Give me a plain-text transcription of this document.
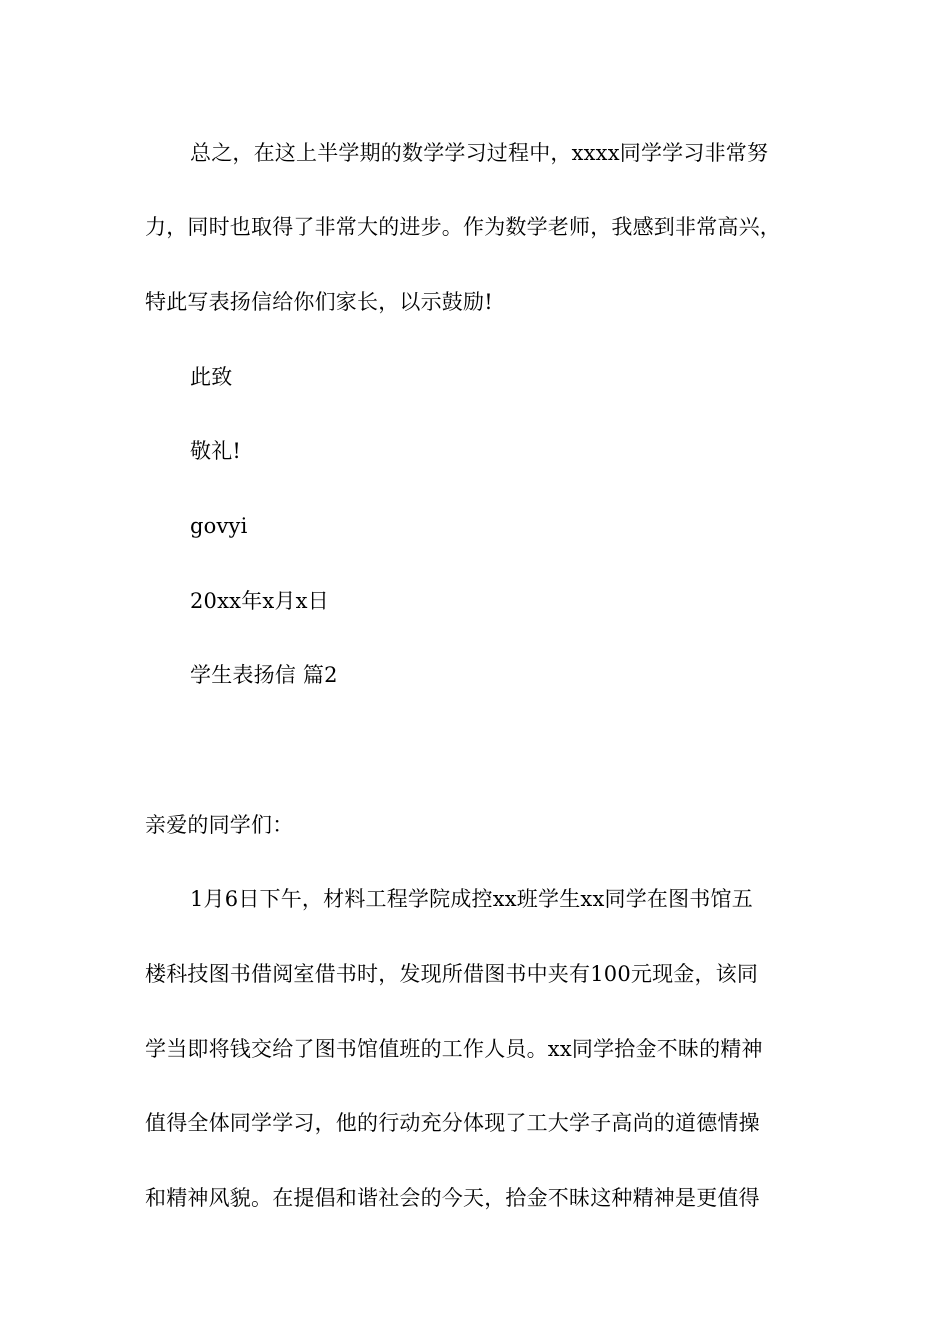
总之，在这上半学期的数学学习过程中，xxxx同学学习非常努
力，同时也取得了非常大的进步。作为数学老师，我感到非常高兴，
特此写表扬信给你们家长，以示鼓励!
此致
敬礼!
govyi
20xx年x月x日
学生表扬信 篇2
亲爱的同学们：
1月6日下午，材料工程学院成控xx班学生xx同学在图书馆五
楼科技图书借阅室借书时，发现所借图书中夹有100元现金，该同
学当即将钱交给了图书馆值班的工作人员。xx同学拾金不昧的精神
值得全体同学学习，他的行动充分体现了工大学子高尚的道德情操
和精神风貌。在提倡和谐社会的今天，拾金不昧这种精神是更值得
